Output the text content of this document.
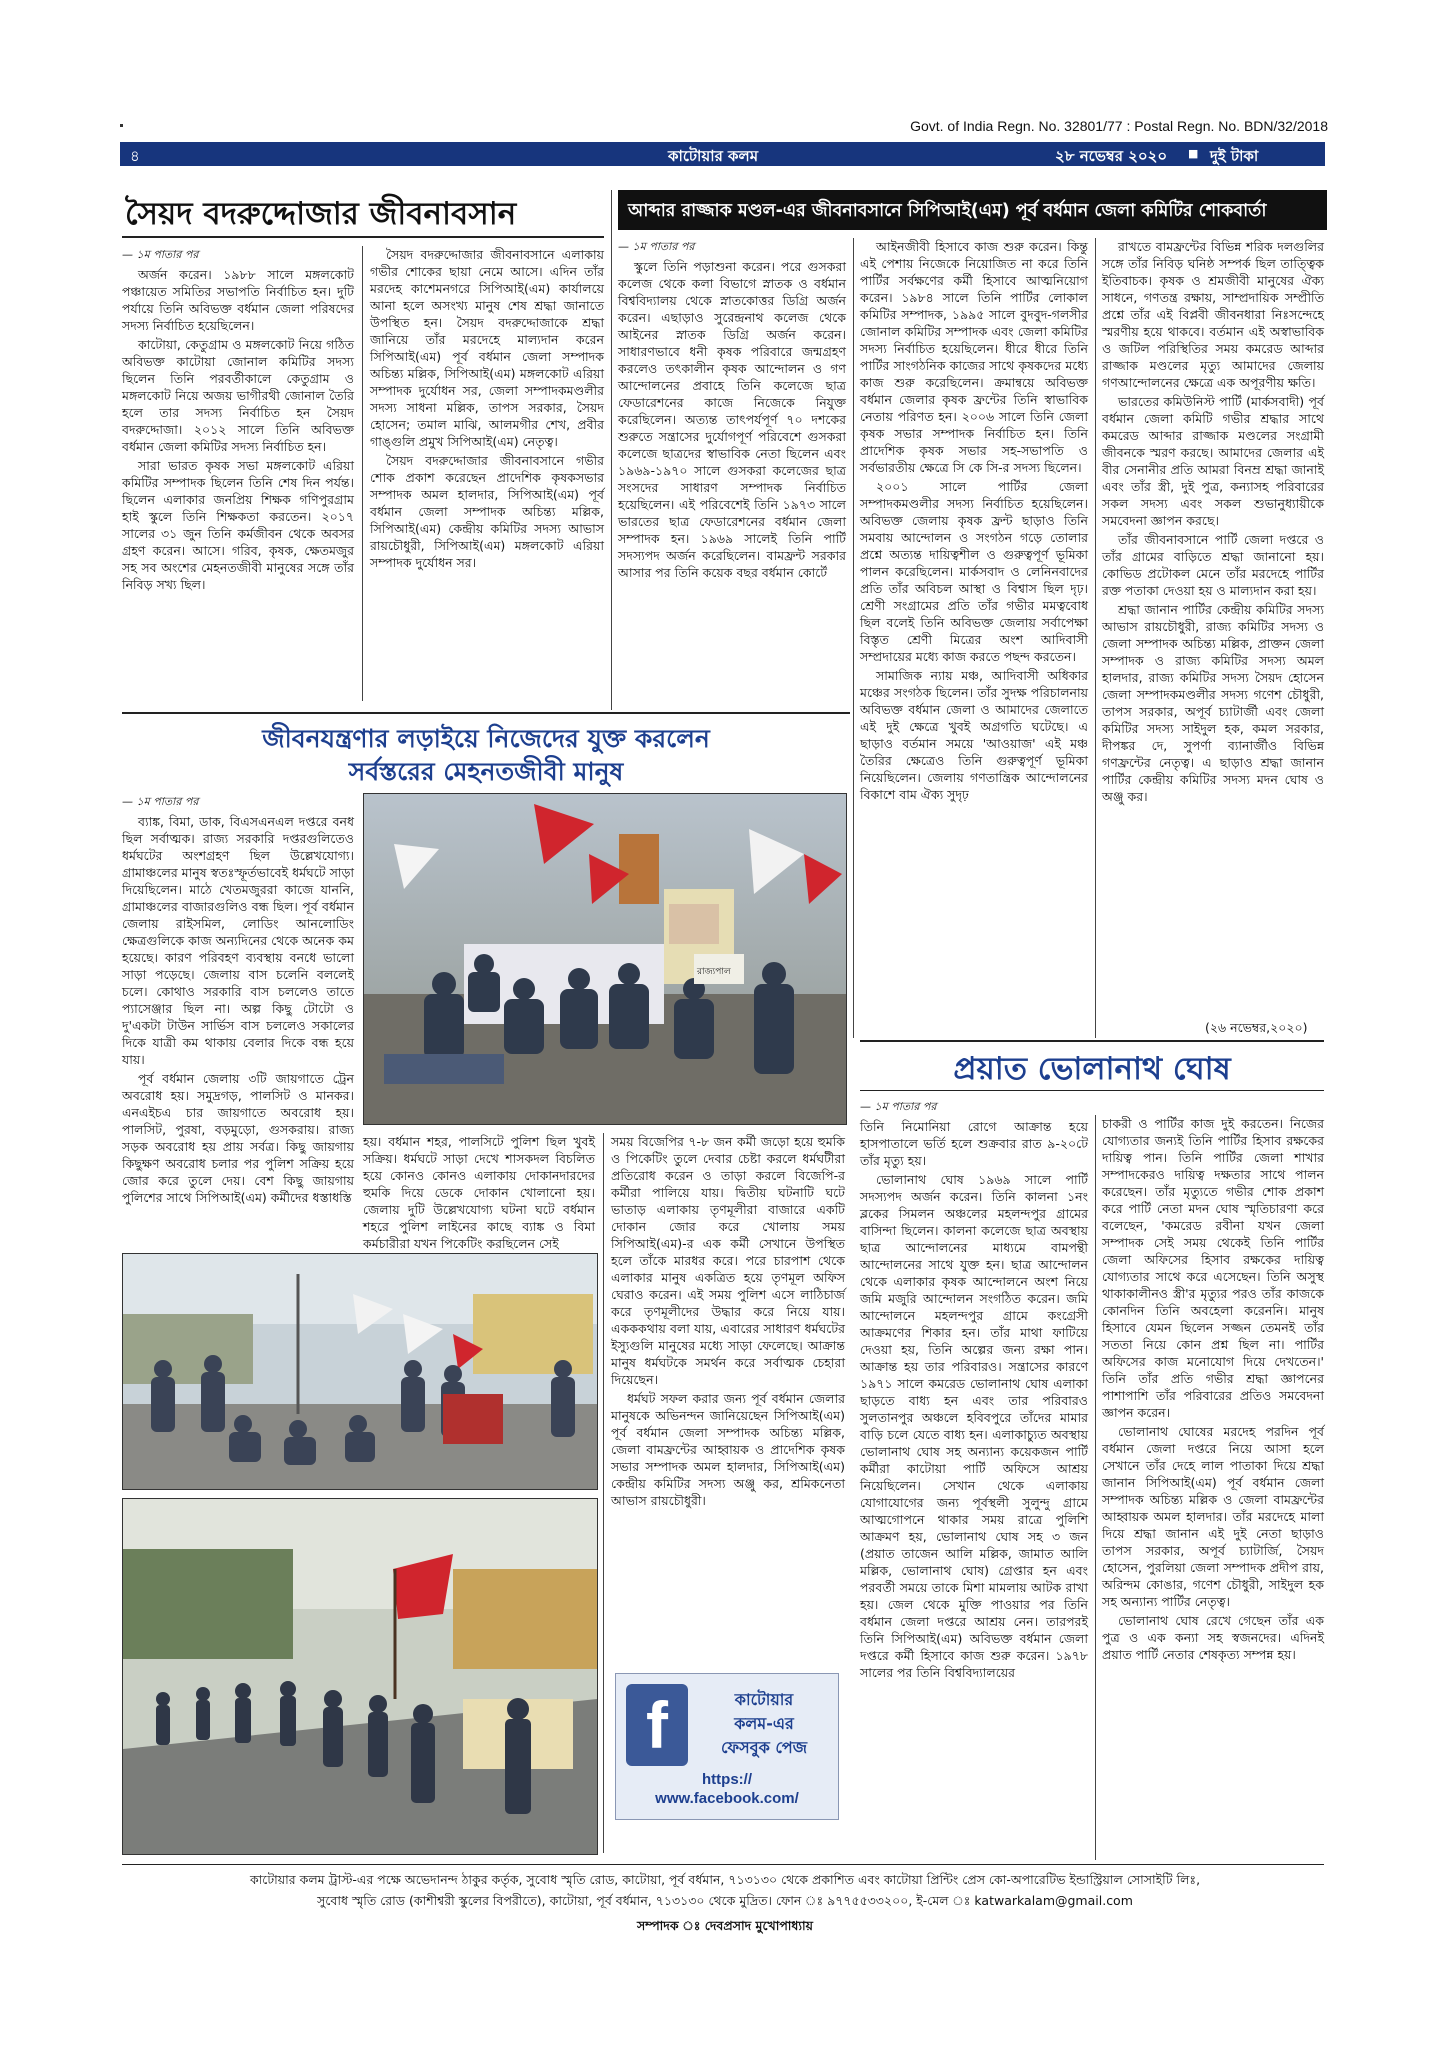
Govt. of India Regn. No. 32801/77 : Postal Regn. No. BDN/32/2018
৪	কাটোয়ার কলম	২৮ নভেম্বর ২০২০ ■ দুই টাকা
সৈয়দ বদরুদ্দোজার জীবনাবসান
— ১ম পাতার পর

অর্জন করেন। ১৯৮৮ সালে মঙ্গলকোট পঞ্চায়েত সমিতির সভাপতি নির্বাচিত হন। দুটি পর্যায়ে তিনি অবিভক্ত বর্ধমান জেলা পরিষদের সদস্য নির্বাচিত হয়েছিলেন।

কাটোয়া, কেতুগ্রাম ও মঙ্গলকোট নিয়ে গঠিত অবিভক্ত কাটোয়া জোনাল কমিটির সদস্য ছিলেন তিনি পরবর্তীকালে কেতুগ্রাম ও মঙ্গলকোট নিয়ে অজয় ভাগীরথী জোনাল তৈরি হলে তার সদস্য নির্বাচিত হন সৈয়দ বদরুদ্দোজা। ২০১২ সালে তিনি অবিভক্ত বর্ধমান জেলা কমিটির সদস্য নির্বাচিত হন।

সারা ভারত কৃষক সভা মঙ্গলকোট এরিয়া কমিটির সম্পাদক ছিলেন তিনি শেষ দিন পর্যন্ত। ছিলেন এলাকার জনপ্রিয় শিক্ষক গণিপুরগ্রাম হাই স্কুলে তিনি শিক্ষকতা করতেন। ২০১৭ সালের ৩১ জুন তিনি কর্মজীবন থেকে অবসর গ্রহণ করেন। আসে। গরিব, কৃষক, ক্ষেতমজুর সহ সব অংশের মেহনতজীবী মানুষের সঙ্গে তাঁর নিবিড় সখ্য ছিল।

সৈয়দ বদরুদ্দোজার জীবনাবসানে এলাকায় গভীর শোকের ছায়া নেমে আসে। এদিন তাঁর মরদেহ কাশেমনগরে সিপিআই(এম) কার্যালয়ে আনা হলে অসংখ্য মানুষ শেষ শ্রদ্ধা জানাতে উপস্থিত হন। সৈয়দ বদরুদ্দোজাকে শ্রদ্ধা জানিয়ে তাঁর মরদেহে মাল্যদান করেন সিপিআই(এম) পূর্ব বর্ধমান জেলা সম্পাদক অচিন্ত্য মল্লিক, সিপিআই(এম) মঙ্গলকোট এরিয়া সম্পাদক দুর্যোধন সর, জেলা সম্পাদকমণ্ডলীর সদস্য সাধনা মল্লিক, তাপস সরকার, সৈয়দ হোসেন; তমাল মাঝি, আলমগীর শেখ, প্রবীর গাঙ্গুলি প্রমুখ সিপিআই(এম) নেতৃত্ব।

সৈয়দ বদরুদ্দোজার জীবনাবসানে গভীর শোক প্রকাশ করেছেন প্রাদেশিক কৃষকসভার সম্পাদক অমল হালদার, সিপিআই(এম) পূর্ব বর্ধমান জেলা সম্পাদক অচিন্ত্য মল্লিক, সিপিআই(এম) কেন্দ্রীয় কমিটির সদস্য আভাস রায়চৌধুরী, সিপিআই(এম) মঙ্গলকোট এরিয়া সম্পাদক দুর্যোধন সর।

আব্দার রাজ্জাক মণ্ডল-এর জীবনাবসানে সিপিআই(এম) পূর্ব বর্ধমান জেলা কমিটির শোকবার্তা
— ১ম পাতার পর

স্কুলে তিনি পড়াশুনা করেন। পরে গুসকরা কলেজ থেকে কলা বিভাগে স্নাতক ও বর্ধমান বিশ্ববিদ্যালয় থেকে স্নাতকোত্তর ডিগ্রি অর্জন করেন। এছাড়াও সুরেন্দ্রনাথ কলেজ থেকে আইনের স্নাতক ডিগ্রি অর্জন করেন। সাধারণভাবে ধনী কৃষক পরিবারে জন্মগ্রহণ করলেও তৎকালীন কৃষক আন্দোলন ও গণ আন্দোলনের প্রবাহে তিনি কলেজে ছাত্র ফেডারেশনের কাজে নিজেকে নিযুক্ত করেছিলেন। অত্যন্ত তাৎপর্যপূর্ণ ৭০ দশকের শুরুতে সন্ত্রাসের দুর্যোগপূর্ণ পরিবেশে গুসকরা কলেজে ছাত্রদের স্বাভাবিক নেতা ছিলেন এবং ১৯৬৯-১৯৭০ সালে গুসকরা কলেজের ছাত্র সংসদের সাধারণ সম্পাদক নির্বাচিত হয়েছিলেন। এই পরিবেশেই তিনি ১৯৭৩ সালে ভারতের ছাত্র ফেডারেশনের বর্ধমান জেলা সম্পাদক হন। ১৯৬৯ সালেই তিনি পার্টি সদস্যপদ অর্জন করেছিলেন। বামফ্রন্ট সরকার আসার পর তিনি কয়েক বছর বর্ধমান কোর্টে

আইনজীবী হিসাবে কাজ শুরু করেন। কিন্তু এই পেশায় নিজেকে নিয়োজিত না করে তিনি পার্টির সর্বক্ষণের কর্মী হিসাবে আত্মনিয়োগ করেন। ১৯৮৪ সালে তিনি পার্টির লোকাল কমিটির সম্পাদক, ১৯৯৫ সালে বুদবুদ-গলসীর জোনাল কমিটির সম্পাদক এবং জেলা কমিটির সদস্য নির্বাচিত হয়েছিলেন। ধীরে ধীরে তিনি পার্টির সাংগঠনিক কাজের সাথে কৃষকদের মধ্যে কাজ শুরু করেছিলেন। ক্রমান্বয়ে অবিভক্ত বর্ধমান জেলার কৃষক ফ্রন্টের তিনি স্বাভাবিক নেতায় পরিণত হন। ২০০৬ সালে তিনি জেলা কৃষক সভার সম্পাদক নির্বাচিত হন। তিনি প্রাদেশিক কৃষক সভার সহ-সভাপতি ও সর্বভারতীয় ক্ষেত্রে সি কে সি-র সদস্য ছিলেন।

২০০১ সালে পার্টির জেলা সম্পাদকমণ্ডলীর সদস্য নির্বাচিত হয়েছিলেন। অবিভক্ত জেলায় কৃষক ফ্রন্ট ছাড়াও তিনি সমবায় আন্দোলন ও সংগঠন গড়ে তোলার প্রশ্নে অত্যন্ত দায়িত্বশীল ও গুরুত্বপূর্ণ ভূমিকা পালন করেছিলেন। মার্কসবাদ ও লেনিনবাদের প্রতি তাঁর অবিচল আস্থা ও বিশ্বাস ছিল দৃঢ়। শ্রেণী সংগ্রামের প্রতি তাঁর গভীর মমত্ববোধ ছিল বলেই তিনি অবিভক্ত জেলায় সর্বাপেক্ষা বিস্তৃত শ্রেণী মিত্রের অংশ আদিবাসী সম্প্রদায়ের মধ্যে কাজ করতে পছন্দ করতেন।

সামাজিক ন্যায় মঞ্চ, আদিবাসী অধিকার মঞ্চের সংগঠক ছিলেন। তাঁর সুদক্ষ পরিচালনায় অবিভক্ত বর্ধমান জেলা ও আমাদের জেলাতে এই দুই ক্ষেত্রে খুবই অগ্রগতি ঘটেছে। এ ছাড়াও বর্তমান সময়ে 'আওয়াজ' এই মঞ্চ তৈরির ক্ষেত্রেও তিনি গুরুত্বপূর্ণ ভূমিকা নিয়েছিলেন। জেলায় গণতান্ত্রিক আন্দোলনের বিকাশে বাম ঐক্য সুদৃঢ়

রাখতে বামফ্রন্টের বিভিন্ন শরিক দলগুলির সঙ্গে তাঁর নিবিড় ঘনিষ্ঠ সম্পর্ক ছিল তাত্ত্বিক ইতিবাচক। কৃষক ও শ্রমজীবী মানুষের ঐক্য সাধনে, গণতন্ত্র রক্ষায়, সাম্প্রদায়িক সম্প্রীতি প্রশ্নে তাঁর এই বিপ্লবী জীবনধারা নিঃসন্দেহে স্মরণীয় হয়ে থাকবে। বর্তমান এই অস্বাভাবিক ও জটিল পরিস্থিতির সময় কমরেড আব্দার রাজ্জাক মণ্ডলের মৃত্যু আমাদের জেলায় গণআন্দোলনের ক্ষেত্রে এক অপূরণীয় ক্ষতি।

ভারতের কমিউনিস্ট পার্টি (মার্কসবাদী) পূর্ব বর্ধমান জেলা কমিটি গভীর শ্রদ্ধার সাথে কমরেড আব্দার রাজ্জাক মণ্ডলের সংগ্রামী জীবনকে স্মরণ করছে। আমাদের জেলার এই বীর সেনানীর প্রতি আমরা বিনম্র শ্রদ্ধা জানাই এবং তাঁর স্ত্রী, দুই পুত্র, কন্যাসহ পরিবারের সকল সদস্য এবং সকল শুভানুধ্যায়ীকে সমবেদনা জ্ঞাপন করছে।

তাঁর জীবনাবসানে পার্টি জেলা দপ্তরে ও তাঁর গ্রামের বাড়িতে শ্রদ্ধা জানানো হয়। কোভিড প্রটোকল মেনে তাঁর মরদেহে পার্টির রক্ত পতাকা দেওয়া হয় ও মাল্যদান করা হয়।

শ্রদ্ধা জানান পার্টির কেন্দ্রীয় কমিটির সদস্য আভাস রায়চৌধুরী, রাজ্য কমিটির সদস্য ও জেলা সম্পাদক অচিন্ত্য মল্লিক, প্রাক্তন জেলা সম্পাদক ও রাজ্য কমিটির সদস্য অমল হালদার, রাজ্য কমিটির সদস্য সৈয়দ হোসেন জেলা সম্পাদকমণ্ডলীর সদস্য গণেশ চৌধুরী, তাপস সরকার, অপূর্ব চ্যাটার্জী এবং জেলা কমিটির সদস্য সাইদুল হক, কমল সরকার, দীপঙ্কর দে, সুপর্ণা ব্যানার্জীও বিভিন্ন গণফ্রন্টের নেতৃত্ব। এ ছাড়াও শ্রদ্ধা জানান পার্টির কেন্দ্রীয় কমিটির সদস্য মদন ঘোষ ও অঞ্জু কর।

(২৬ নভেম্বর,২০২০)
জীবনযন্ত্রণার লড়াইয়ে নিজেদের যুক্ত করলেন
সর্বস্তরের মেহনতজীবী মানুষ
— ১ম পাতার পর

ব্যাঙ্ক, বিমা, ডাক, বিএসএনএল দপ্তরে বনধ ছিল সর্বাত্মক। রাজ্য সরকারি দপ্তরগুলিতেও ধর্মঘটের অংশগ্রহণ ছিল উল্লেখযোগ্য। গ্রামাঞ্চলের মানুষ স্বতঃস্ফূর্তভাবেই ধর্মঘটে সাড়া দিয়েছিলেন। মাঠে খেতমজুররা কাজে যাননি, গ্রামাঞ্চলের বাজারগুলিও বন্ধ ছিল। পূর্ব বর্ধমান জেলায় রাইসমিল, লোডিং আনলোডিং ক্ষেত্রগুলিকে কাজ অন্যদিনের থেকে অনেক কম হয়েছে। কারণ পরিবহণ ব্যবস্থায় বনধে ভালো সাড়া পড়েছে। জেলায় বাস চলেনি বললেই চলে। কোথাও সরকারি বাস চললেও তাতে প্যাসেঞ্জার ছিল না। অল্প কিছু টোটো ও দু'একটা টাউন সার্ভিস বাস চললেও সকালের দিকে যাত্রী কম থাকায় বেলার দিকে বন্ধ হয়ে যায়।

পূর্ব বর্ধমান জেলায় ৩টি জায়গাতে ট্রেন অবরোধ হয়। সমুদ্রগড়, পালসিট ও মানকর। এনএইচএ চার জায়গাতে অবরোধ হয়। পালসিট, পুরষা, বড়মুড়ো, গুসকরায়। রাজ্য সড়ক অবরোধ হয় প্রায় সর্বত্র। কিছু জায়গায় কিছুক্ষণ অবরোধ চলার পর পুলিশ সক্রিয় হয়ে জোর করে তুলে দেয়। বেশ কিছু জায়গায় পুলিশের সাথে সিপিআই(এম) কর্মীদের ধস্তাধস্তি

রাজ্যপাল

হয়। বর্ধমান শহর, পালসিটে পুলিশ ছিল খুবই সক্রিয়। ধর্মঘটে সাড়া দেখে শাসকদল বিচলিত হয়ে কোনও কোনও এলাকায় দোকানদারদের হুমকি দিয়ে ডেকে দোকান খোলানো হয়। জেলায় দুটি উল্লেখযোগ্য ঘটনা ঘটে বর্ধমান শহরে পুলিশ লাইনের কাছে ব্যাঙ্ক ও বিমা কর্মচারীরা যখন পিকেটিং করছিলেন সেই

সময় বিজেপির ৭-৮ জন কর্মী জড়ো হয়ে হুমকি ও পিকেটিং তুলে দেবার চেষ্টা করলে ধর্মঘটীরা প্রতিরোধ করেন ও তাড়া করলে বিজেপি-র কর্মীরা পালিয়ে যায়। দ্বিতীয় ঘটনাটি ঘটে ভাতাড় এলাকায় তৃণমূলীরা বাজারে একটি দোকান জোর করে খোলায় সময় সিপিআই(এম)-র এক কর্মী সেখানে উপস্থিত হলে তাঁকে মারধর করে। পরে চারপাশ থেকে এলাকার মানুষ একত্রিত হয়ে তৃণমূল অফিস ঘেরাও করেন। এই সময় পুলিশ এসে লাঠিচার্জ করে তৃণমূলীদের উদ্ধার করে নিয়ে যায়। একককথায় বলা যায়, এবারের সাধারণ ধর্মঘটের ইস্যুগুলি মানুষের মধ্যে সাড়া ফেলেছে। আক্রান্ত মানুষ ধর্মঘটকে সমর্থন করে সর্বাত্মক চেহারা দিয়েছেন।

ধর্মঘট সফল করার জন্য পূর্ব বর্ধমান জেলার মানুষকে অভিনন্দন জানিয়েছেন সিপিআই(এম) পূর্ব বর্ধমান জেলা সম্পাদক অচিন্ত্য মল্লিক, জেলা বামফ্রন্টের আহ্বায়ক ও প্রাদেশিক কৃষক সভার সম্পাদক অমল হালদার, সিপিআই(এম) কেন্দ্রীয় কমিটির সদস্য অঞ্জু কর, শ্রমিকনেতা আভাস রায়চৌধুরী।

f	কাটোয়ার
কলম-এর
ফেসবুক পেজ
https://
www.facebook.com/
প্রয়াত ভোলানাথ ঘোষ
— ১ম পাতার পর

তিনি নিমোনিয়া রোগে আক্রান্ত হয়ে হাসপাতালে ভর্তি হলে শুক্রবার রাত ৯-২০টে তাঁর মৃত্যু হয়।

ভোলানাথ ঘোষ ১৯৬৯ সালে পার্টি সদস্যপদ অর্জন করেন। তিনি কালনা ১নং ব্লকের সিমলন অঞ্চলের মহলন্দপুর গ্রামের বাসিন্দা ছিলেন। কালনা কলেজে ছাত্র অবস্থায় ছাত্র আন্দোলনের মাধ্যমে বামপন্থী আন্দোলনের সাথে যুক্ত হন। ছাত্র আন্দোলন থেকে এলাকার কৃষক আন্দোলনে অংশ নিয়ে জমি মজুরি আন্দোলন সংগঠিত করেন। জমি আন্দোলনে মহলন্দপুর গ্রামে কংগ্রেসী আক্রমণের শিকার হন। তাঁর মাথা ফাটিয়ে দেওয়া হয়, তিনি অল্পের জন্য রক্ষা পান। আক্রান্ত হয় তার পরিবারও। সন্ত্রাসের কারণে ১৯৭১ সালে কমরেড ভোলানাথ ঘোষ এলাকা ছাড়তে বাধ্য হন এবং তার পরিবারও সুলতানপুর অঞ্চলে হবিবপুরে তাঁদের মামার বাড়ি চলে যেতে বাধ্য হন। এলাকাচ্যুত অবস্থায় ভোলানাথ ঘোষ সহ অন্যান্য কয়েকজন পার্টি কর্মীরা কাটোয়া পার্টি অফিসে আশ্রয় নিয়েছিলেন। সেখান থেকে এলাকায় যোগাযোগের জন্য পূর্বস্থলী সুলুন্দু গ্রামে আত্মগোপনে থাকার সময় রাত্রে পুলিশি আক্রমণ হয়, ভোলানাথ ঘোষ সহ ৩ জন (প্রয়াত তাজেন আলি মল্লিক, জামাত আলি মল্লিক, ভোলানাথ ঘোষ) গ্রেপ্তার হন এবং পরবর্তী সময়ে তাকে মিশা মামলায় আটক রাখা হয়। জেল থেকে মুক্তি পাওয়ার পর তিনি বর্ধমান জেলা দপ্তরে আশ্রয় নেন। তারপরই তিনি সিপিআই(এম) অবিভক্ত বর্ধমান জেলা দপ্তরে কর্মী হিসাবে কাজ শুরু করেন। ১৯৭৮ সালের পর তিনি বিশ্ববিদ্যালয়ের

চাকরী ও পার্টির কাজ দুই করতেন। নিজের যোগ্যতার জন্যই তিনি পার্টির হিসাব রক্ষকের দায়িত্ব পান। তিনি পার্টির জেলা শাখার সম্পাদকেরও দায়িত্ব দক্ষতার সাথে পালন করেছেন। তাঁর মৃত্যুতে গভীর শোক প্রকাশ করে পার্টি নেতা মদন ঘোষ স্মৃতিচারণা করে বলেছেন, 'কমরেড রবীনা যখন জেলা সম্পাদক সেই সময় থেকেই তিনি পার্টির জেলা অফিসের হিসাব রক্ষকের দায়িত্ব যোগ্যতার সাথে করে এসেছেন। তিনি অসুস্থ থাকাকালীনও স্ত্রী'র মৃত্যুর পরও তাঁর কাজকে কোনদিন তিনি অবহেলা করেননি। মানুষ হিসাবে যেমন ছিলেন সজ্জন তেমনই তাঁর সততা নিয়ে কোন প্রশ্ন ছিল না। পার্টির অফিসের কাজ মনোযোগ দিয়ে দেখতেন।' তিনি তাঁর প্রতি গভীর শ্রদ্ধা জ্ঞাপনের পাশাপাশি তাঁর পরিবারের প্রতিও সমবেদনা জ্ঞাপন করেন।

ভোলানাথ ঘোষের মরদেহ পরদিন পূর্ব বর্ধমান জেলা দপ্তরে নিয়ে আসা হলে সেখানে তাঁর দেহে লাল পাতাকা দিয়ে শ্রদ্ধা জানান সিপিআই(এম) পূর্ব বর্ধমান জেলা সম্পাদক অচিন্ত্য মল্লিক ও জেলা বামফ্রন্টের আহ্বায়ক অমল হালদার। তাঁর মরদেহে মালা দিয়ে শ্রদ্ধা জানান এই দুই নেতা ছাড়াও তাপস সরকার, অপূর্ব চ্যাটার্জি, সৈয়দ হোসেন, পুরলিয়া জেলা সম্পাদক প্রদীপ রায়, অরিন্দম কোঙার, গণেশ চৌধুরী, সাইদুল হক সহ অন্যান্য পার্টির নেতৃত্ব।

ভোলানাথ ঘোষ রেখে গেছেন তাঁর এক পুত্র ও এক কন্যা সহ স্বজনদের। এদিনই প্রয়াত পার্টি নেতার শেষকৃত্য সম্পন্ন হয়।

কাটোয়ার কলম ট্রাস্ট-এর পক্ষে অভেদানন্দ ঠাকুর কর্তৃক, সুবোধ স্মৃতি রোড, কাটোয়া, পূর্ব বর্ধমান, ৭১৩১৩০ থেকে প্রকাশিত এবং কাটোয়া প্রিন্টিং প্রেস কো-অপারেটিভ ইন্ডাস্ট্রিয়াল সোসাইটি লিঃ,
সুবোধ স্মৃতি রোড (কাশীশ্বরী স্কুলের বিপরীতে), কাটোয়া, পূর্ব বর্ধমান, ৭১৩১৩০ থেকে মুদ্রিত। ফোন ঃ ৯৭৭৫৫৩৩২০০, ই-মেল ঃ katwarkalam@gmail.com
সম্পাদক ঃ দেবপ্রসাদ মুখোপাধ্যায়
